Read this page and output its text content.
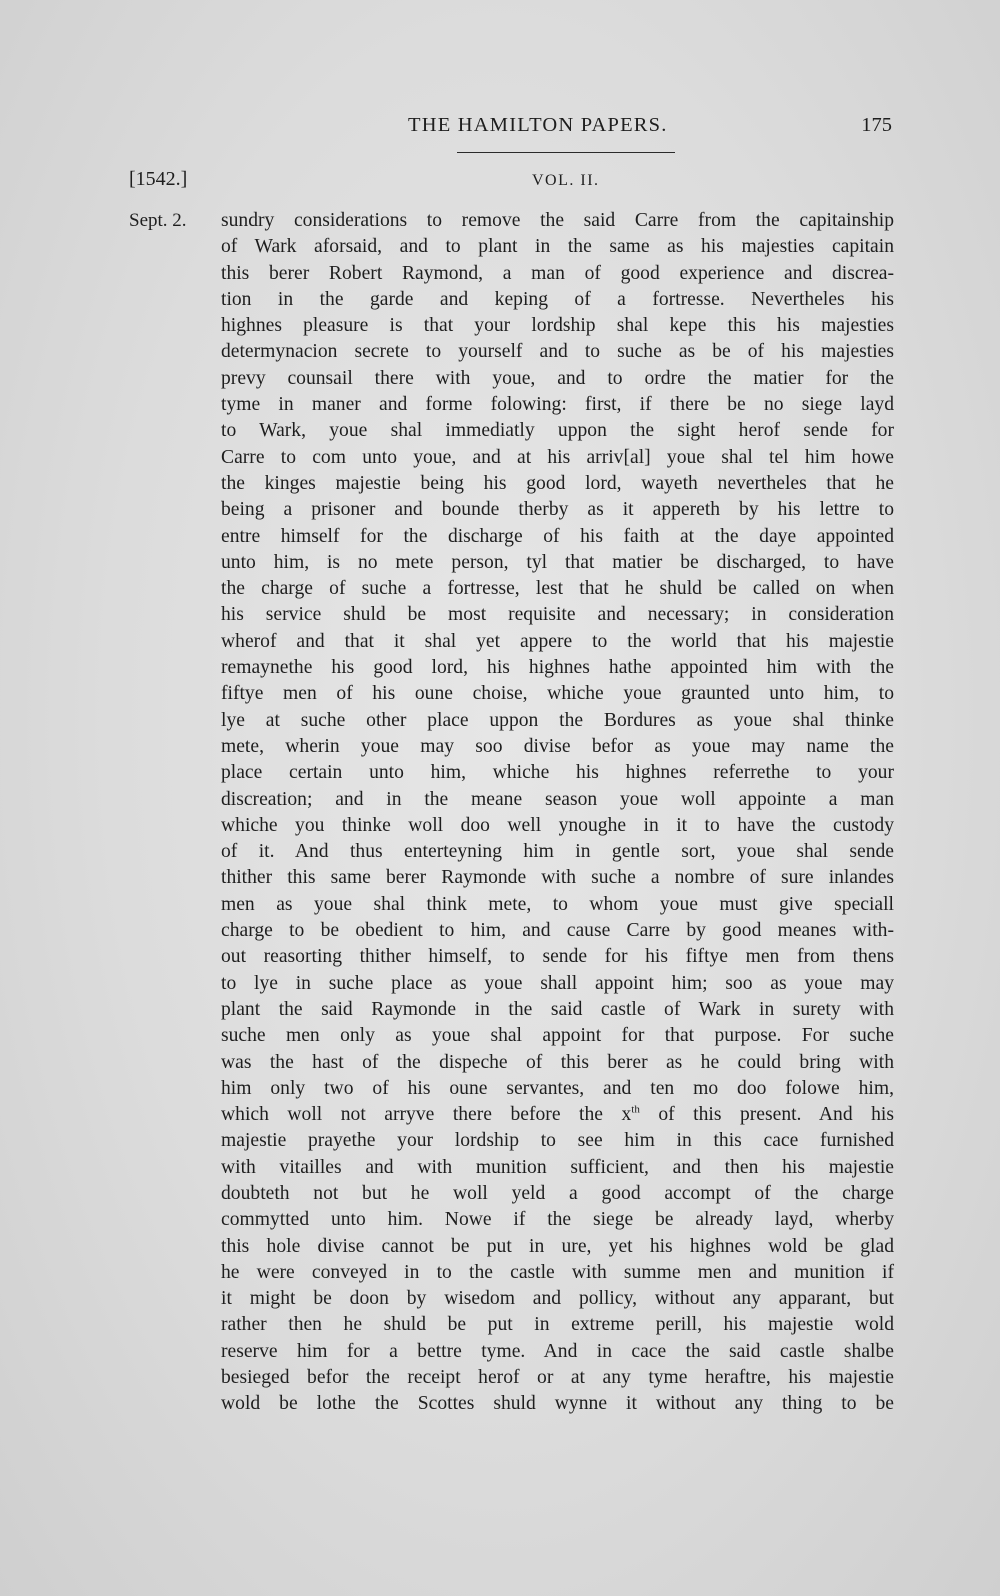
THE HAMILTON PAPERS.	175
[1542.]	VOL. II.
Sept. 2. sundry considerations to remove the said Carre from the capitainship
of Wark aforsaid, and to plant in the same as his majesties capitain
this berer Robert Raymond, a man of good experience and discrea-
tion in the garde and keping of a fortresse. Nevertheles his
highnes pleasure is that your lordship shal kepe this his majesties
determynacion secrete to yourself and to suche as be of his majesties
prevy counsail there with youe, and to ordre the matier for the
tyme in maner and forme folowing: first, if there be no siege layd
to Wark, youe shal immediatly uppon the sight herof sende for
Carre to com unto youe, and at his arriv[al] youe shal tel him howe
the kinges majestie being his good lord, wayeth nevertheles that he
being a prisoner and bounde therby as it appereth by his lettre to
entre himself for the discharge of his faith at the daye appointed
unto him, is no mete person, tyl that matier be discharged, to have
the charge of suche a fortresse, lest that he shuld be called on when
his service shuld be most requisite and necessary; in consideration
wherof and that it shal yet appere to the world that his majestie
remaynethe his good lord, his highnes hathe appointed him with the
fiftye men of his oune choise, whiche youe graunted unto him, to
lye at suche other place uppon the Bordures as youe shal thinke
mete, wherin youe may soo divise befor as youe may name the
place certain unto him, whiche his highnes referrethe to your
discreation; and in the meane season youe woll appointe a man
whiche you thinke woll doo well ynoughe in it to have the custody
of it. And thus enterteyning him in gentle sort, youe shal sende
thither this same berer Raymonde with suche a nombre of sure inlandes
men as youe shal think mete, to whom youe must give speciall
charge to be obedient to him, and cause Carre by good meanes with-
out reasorting thither himself, to sende for his fiftye men from thens
to lye in suche place as youe shall appoint him; soo as youe may
plant the said Raymonde in the said castle of Wark in surety with
suche men only as youe shal appoint for that purpose. For suche
was the hast of the dispeche of this berer as he could bring with
him only two of his oune servantes, and ten mo doo folowe him,
which woll not arryve there before the $x^{th}$ of this present. And his
majestie prayethe your lordship to see him in this cace furnished
with vitailles and with munition sufficient, and then his majestie
doubteth not but he woll yeld a good accompt of the charge
commytted unto him. Nowe if the siege be already layd, wherby
this hole divise cannot be put in ure, yet his highnes wold be glad
he were conveyed in to the castle with summe men and munition if
it might be doon by wisedom and pollicy, without any apparant, but
rather then he shuld be put in extreme perill, his majestie wold
reserve him for a bettre tyme. And in cace the said castle shalbe
besieged befor the receipt herof or at any tyme heraftre, his majestie
wold be lothe the Scottes shuld wynne it without any thing to be
